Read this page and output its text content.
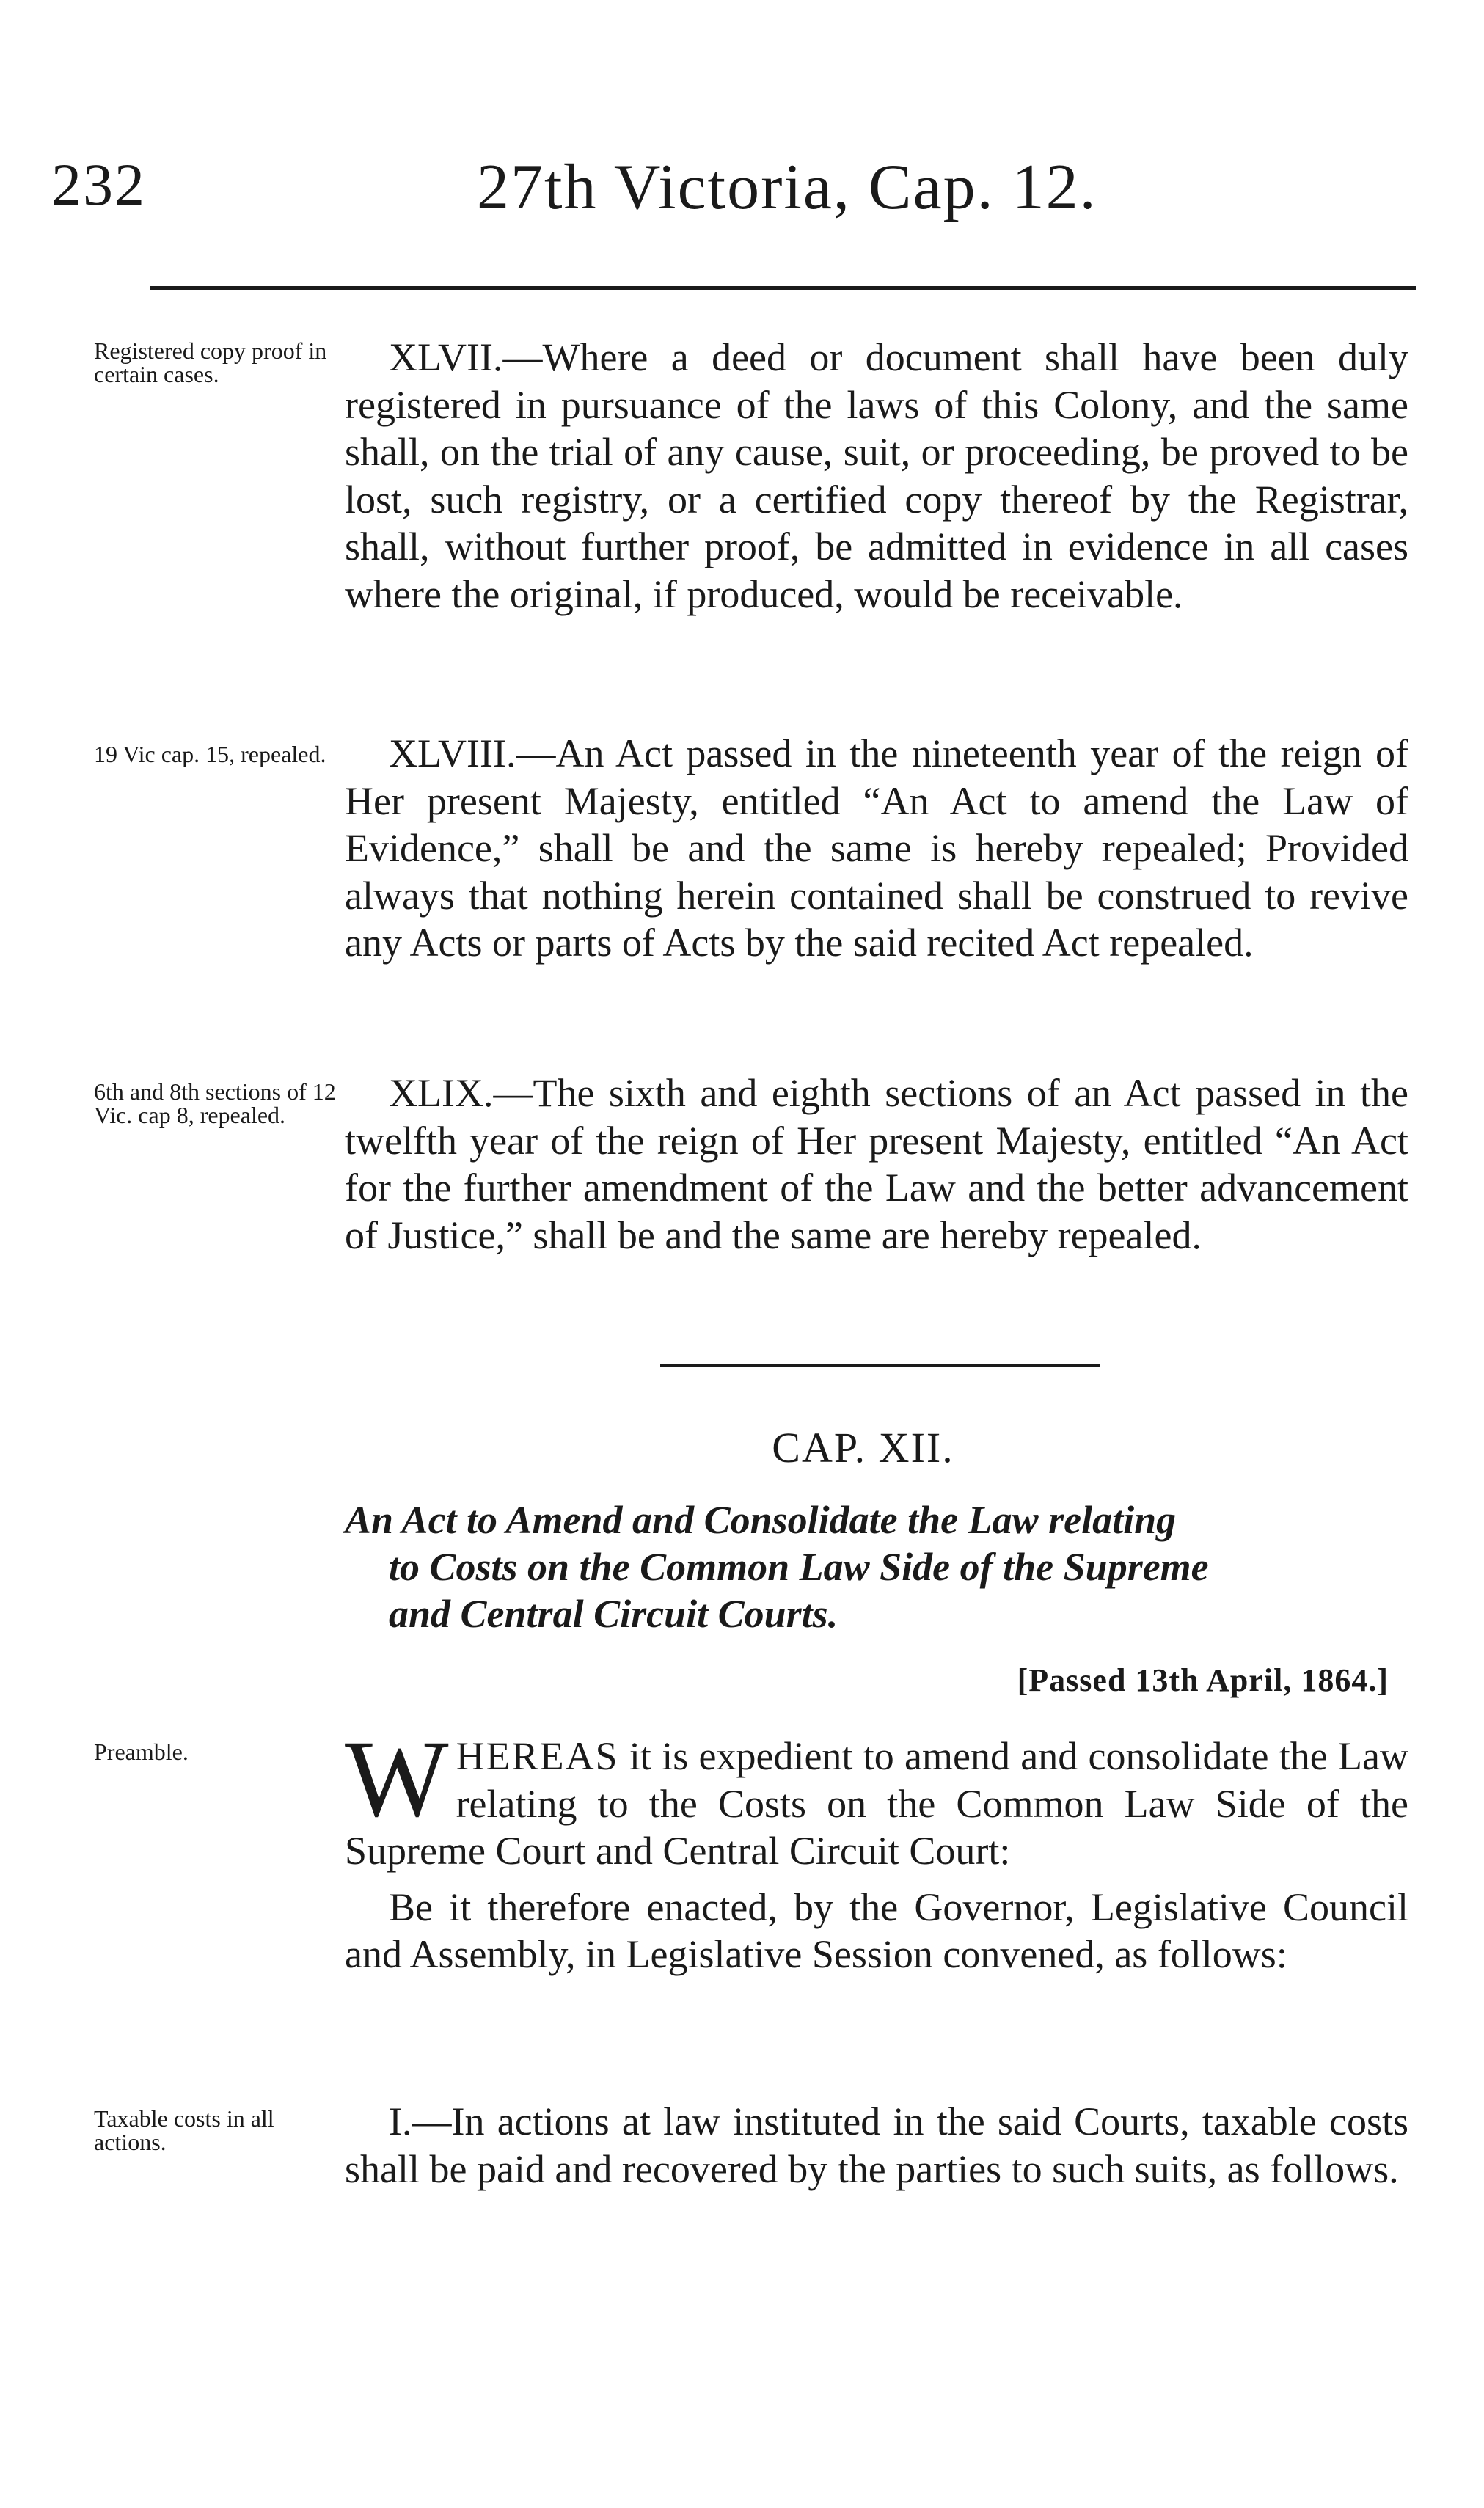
232	27th Victoria, Cap. 12.
Registered copy proof in certain cases.	XLVII.—Where a deed or document shall have been duly registered in pursuance of the laws of this Colony, and the same shall, on the trial of any cause, suit, or proceeding, be proved to be lost, such registry, or a certified copy thereof by the Registrar, shall, without further proof, be admitted in evidence in all cases where the original, if produced, would be receivable.

19 Vic cap. 15, repealed.	XLVIII.—An Act passed in the nineteenth year of the reign of Her present Majesty, entitled “An Act to amend the Law of Evidence,” shall be and the same is hereby repealed; Provided always that nothing herein contained shall be construed to revive any Acts or parts of Acts by the said recited Act repealed.

6th and 8th sections of 12 Vic. cap 8, repealed.	XLIX.—The sixth and eighth sections of an Act passed in the twelfth year of the reign of Her present Majesty, entitled “An Act for the further amendment of the Law and the better advancement of Justice,” shall be and the same are hereby repealed.

CAP. XII.
An Act to Amend and Consolidate the Law relating
to Costs on the Common Law Side of the Supreme
and Central Circuit Courts.
[Passed 13th April, 1864.]
Preamble.	WHEREAS it is expedient to amend and consolidate the Law relating to the Costs on the Common Law Side of the Supreme Court and Central Circuit Court:

Be it therefore enacted, by the Governor, Legislative Council and Assembly, in Legislative Session convened, as follows:

Taxable costs in all actions.	I.—In actions at law instituted in the said Courts, taxable costs shall be paid and recovered by the parties to such suits, as follows.
